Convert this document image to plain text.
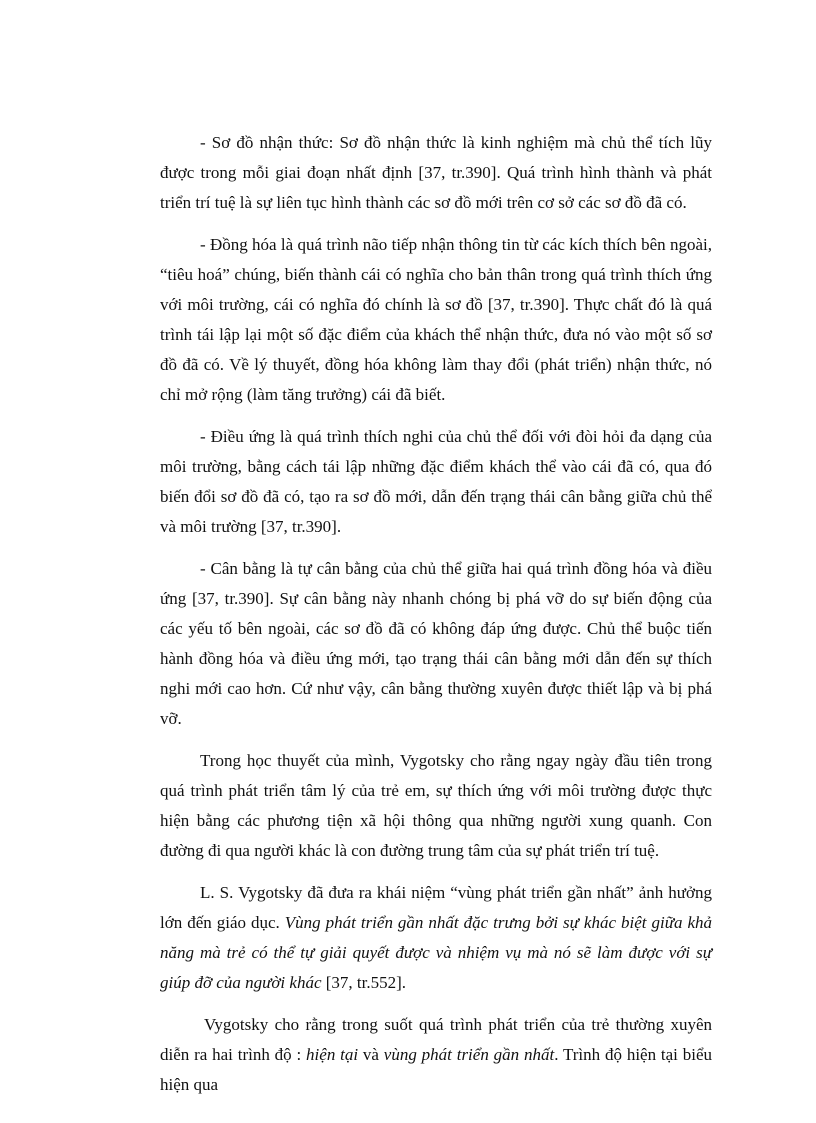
- Sơ đồ nhận thức: Sơ đồ nhận thức là kinh nghiệm mà chủ thể tích lũy được trong mỗi giai đoạn nhất định [37, tr.390]. Quá trình hình thành và phát triển trí tuệ là sự liên tục hình thành các sơ đồ mới trên cơ sở các sơ đồ đã có.

- Đồng hóa là quá trình não tiếp nhận thông tin từ các kích thích bên ngoài, “tiêu hoá” chúng, biến thành cái có nghĩa cho bản thân trong quá trình thích ứng với môi trường, cái có nghĩa đó chính là sơ đồ [37, tr.390]. Thực chất đó là quá trình tái lập lại một số đặc điểm của khách thể nhận thức, đưa nó vào một số sơ đồ đã có. Về lý thuyết, đồng hóa không làm thay đổi (phát triển) nhận thức, nó chỉ mở rộng (làm tăng trưởng) cái đã biết.

- Điều ứng là quá trình thích nghi của chủ thể đối với đòi hỏi đa dạng của môi trường, bằng cách tái lập những đặc điểm khách thể vào cái đã có, qua đó biến đổi sơ đồ đã có, tạo ra sơ đồ mới, dẫn đến trạng thái cân bằng giữa chủ thể và môi trường [37, tr.390].

- Cân bằng là tự cân bằng của chủ thể giữa hai quá trình đồng hóa và điều ứng [37, tr.390]. Sự cân bằng này nhanh chóng bị phá vỡ do sự biến động của các yếu tố bên ngoài, các sơ đồ đã có không đáp ứng được. Chủ thể buộc tiến hành đồng hóa và điều ứng mới, tạo trạng thái cân bằng mới dẫn đến sự thích nghi mới cao hơn. Cứ như vậy, cân bằng thường xuyên được thiết lập và bị phá vỡ.

Trong học thuyết của mình, Vygotsky cho rằng ngay ngày đầu tiên trong quá trình phát triển tâm lý của trẻ em, sự thích ứng với môi trường được thực hiện bằng các phương tiện xã hội thông qua những người xung quanh. Con đường đi qua người khác là con đường trung tâm của sự phát triển trí tuệ.

L. S. Vygotsky đã đưa ra khái niệm “vùng phát triển gần nhất” ảnh hưởng lớn đến giáo dục. Vùng phát triển gần nhất đặc trưng bởi sự khác biệt giữa khả năng mà trẻ có thể tự giải quyết được và nhiệm vụ mà nó sẽ làm được với sự giúp đỡ của người khác [37, tr.552].

Vygotsky cho rằng trong suốt quá trình phát triển của trẻ thường xuyên diễn ra hai trình độ : hiện tại và vùng phát triển gần nhất. Trình độ hiện tại biểu hiện qua
